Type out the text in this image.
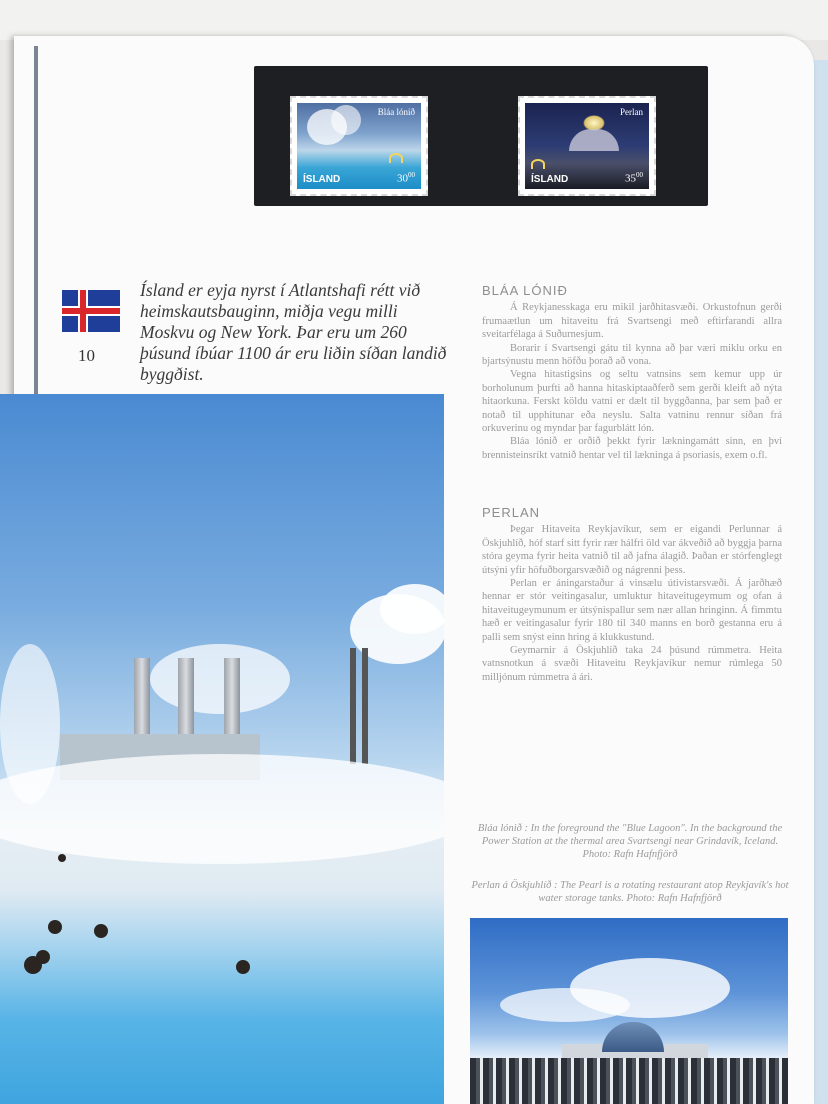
Bláa lónið
ÍSLAND	$30^{00}$
Perlan
ÍSLAND	$35^{00}$
10

Ísland er eyja nyrst í Atlantshafi rétt við heimskautsbauginn, miðja vegu milli Moskvu og New York. Þar eru um 260 þúsund íbúar 1100 ár eru liðin síðan landið byggðist.

BLÁA LÓNIÐ

Á Reykjanesskaga eru mikil jarðhitasvæði. Orkustofnun gerði frumaætlun um hitaveitu frá Svartsengi með eftirfarandi allra sveitarfélaga á Suðurnesjum.

Borarir í Svartsengi gátu til kynna að þar væri miklu orku en bjartsýnustu menn höfðu þorað að vona.

Vegna hitastigsins og seltu vatnsins sem kemur upp úr borholunum þurfti að hanna hitaskiptaaðferð sem gerði kleift að nýta hitaorkuna. Ferskt köldu vatni er dælt til byggðanna, þar sem það er notað til upphitunar eða neyslu. Salta vatninu rennur síðan frá orkuverinu og myndar þar fagurblátt lón.

Bláa lónið er orðið þekkt fyrir lækningamátt sinn, en því brennisteinsríkt vatnið hentar vel til lækninga á psoriasis, exem o.fl.

PERLAN

Þegar Hitaveita Reykjavíkur, sem er eigandi Perlunnar á Öskjuhlíð, hóf starf sitt fyrir rær hálfri öld var ákveðið að byggja þarna stóra geyma fyrir heita vatnið til að jafna álagið. Þaðan er stórfenglegt útsýni yfir höfuðborgarsvæðið og nágrenni þess.

Perlan er áningarstaður á vinsælu útivistarsvæði. Á jarðhæð hennar er stór veitingasalur, umluktur hitaveitugeymum og ofan á hitaveitugeymunum er útsýnispallur sem nær allan hringinn. Á fimmtu hæð er veitingasalur fyrir 180 til 340 manns en borð gestanna eru á palli sem snýst einn hring á klukkustund.

Geymarnir á Öskjuhlíð taka 24 þúsund rúmmetra. Heita vatnsnotkun á svæði Hitaveitu Reykjavíkur nemur rúmlega 50 milljónum rúmmetra á ári.

Bláa lónið : In the foreground the "Blue Lagoon". In the background the Power Station at the thermal area Svartsengi near Grindavík, Iceland. Photo: Rafn Hafnfjörð

Perlan á Öskjuhlíð : The Pearl is a rotating restaurant atop Reykjavík's hot water storage tanks. Photo: Rafn Hafnfjörð
